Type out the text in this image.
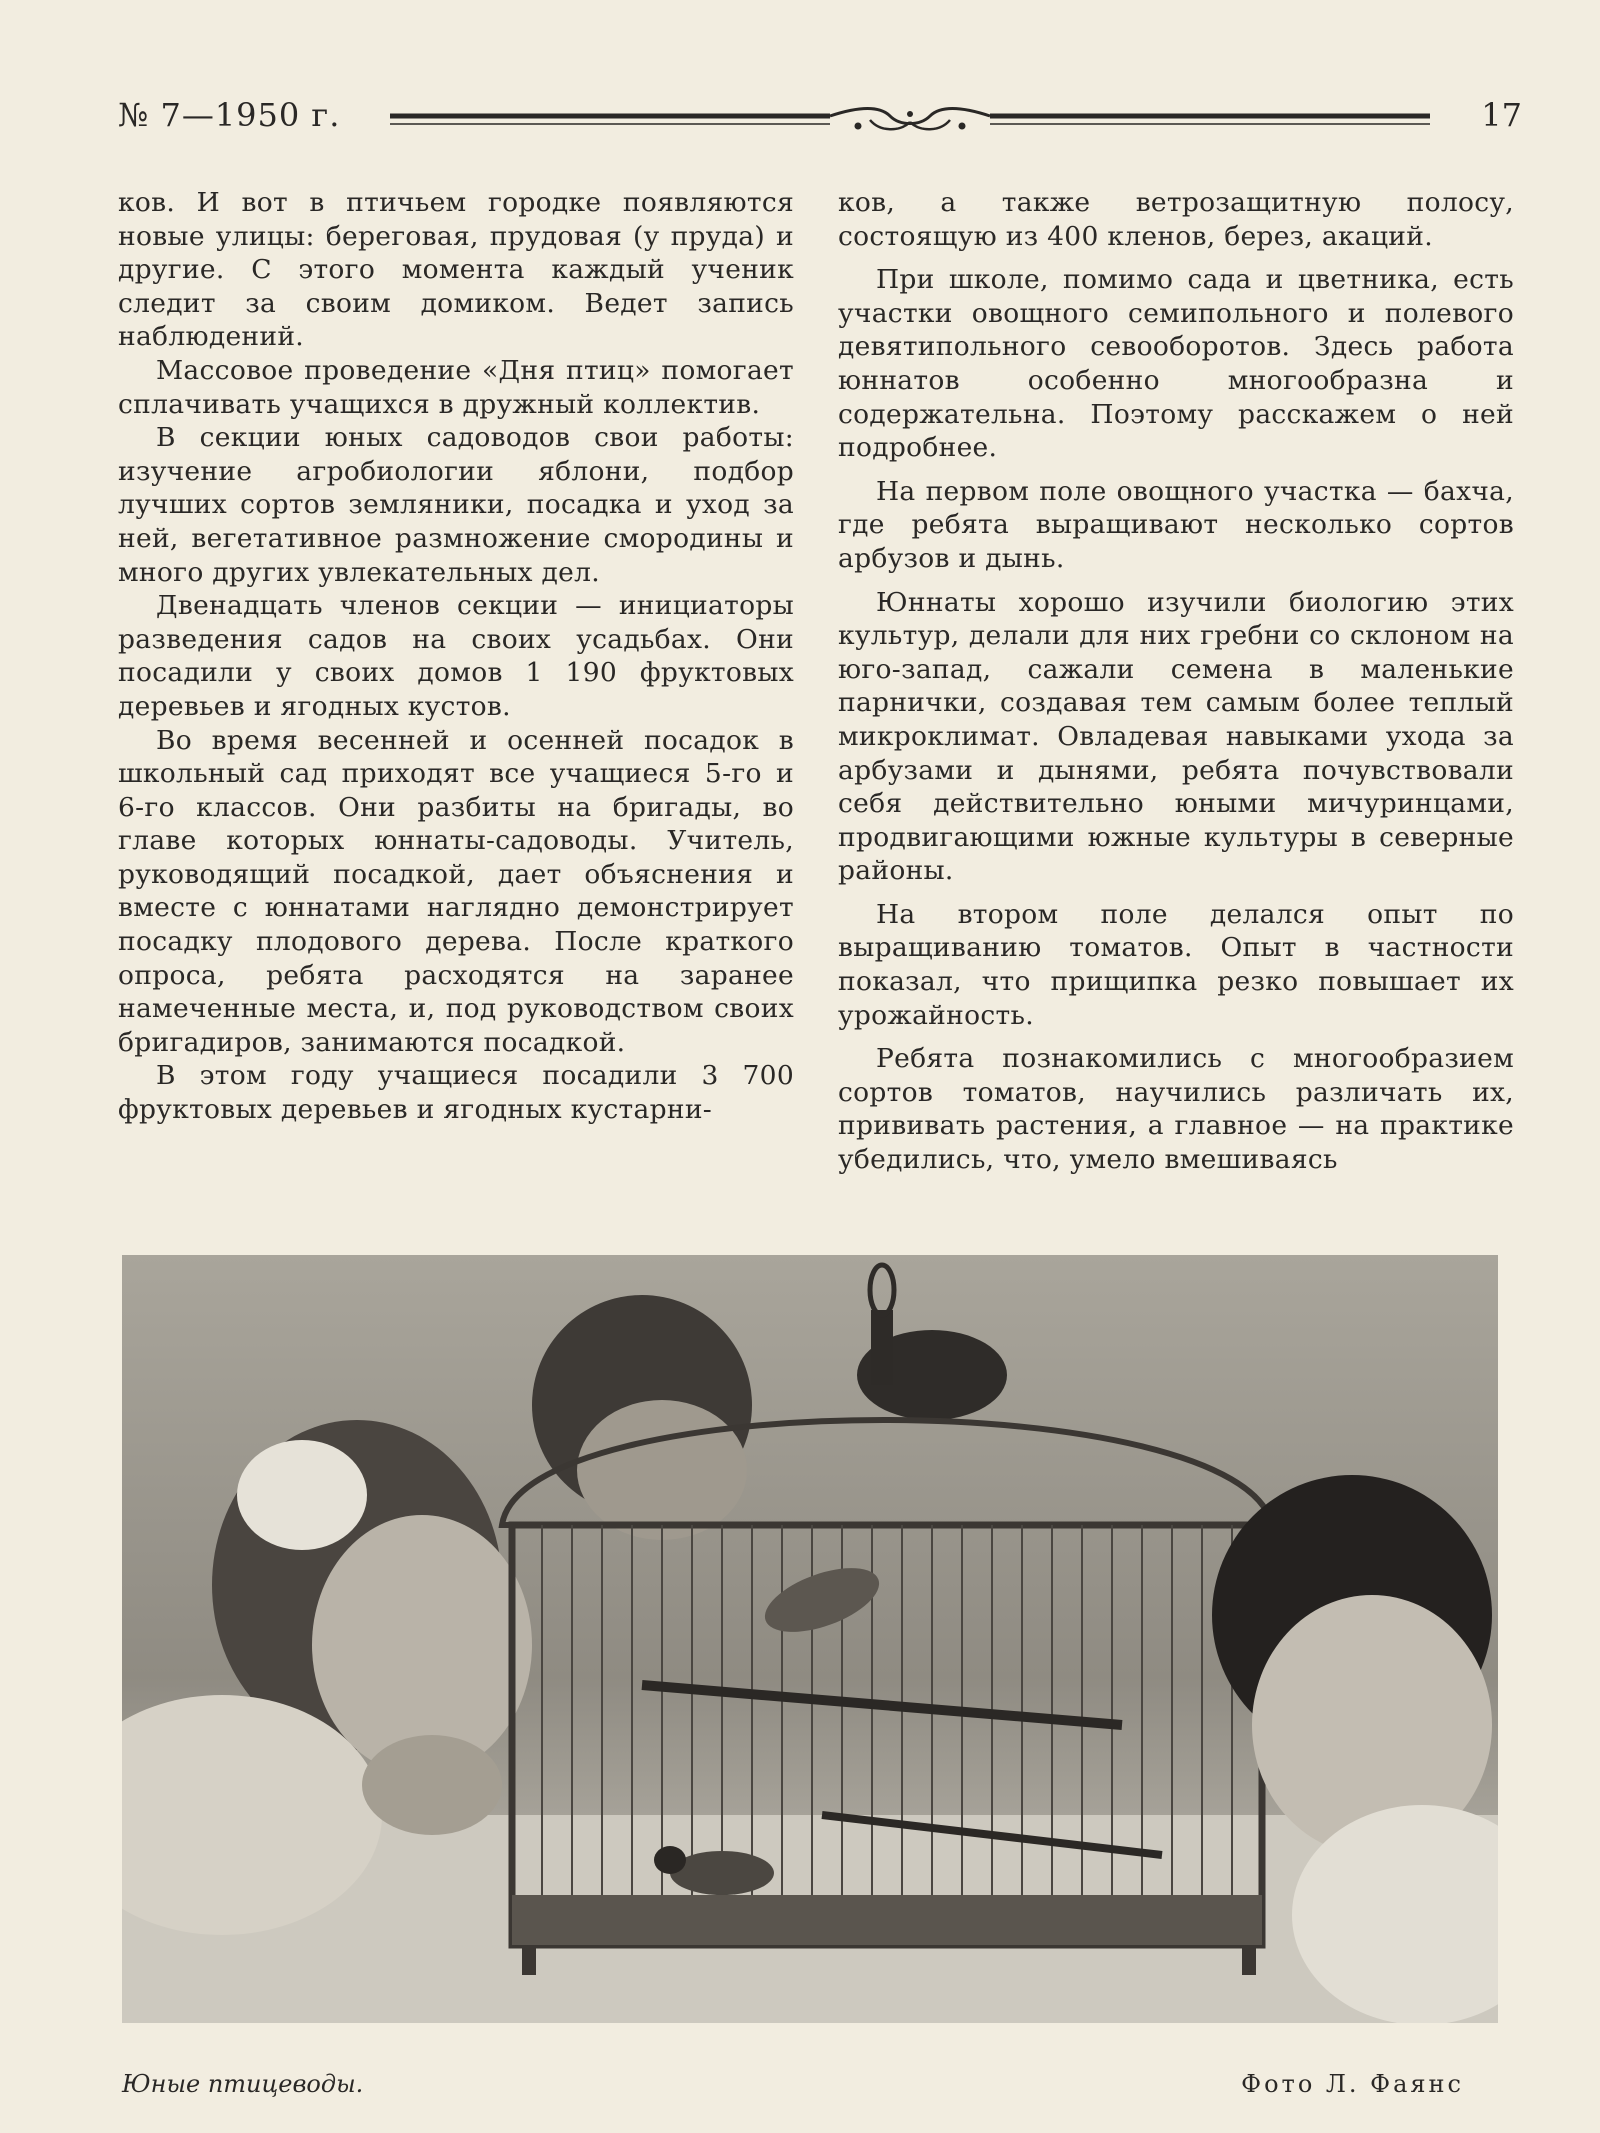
№ 7—1950 г.	17

ков. И вот в птичьем городке появляются новые улицы: береговая, прудовая (у пруда) и другие. С этого момента каждый ученик следит за своим домиком. Ведет запись наблюдений.

Массовое проведение «Дня птиц» помогает сплачивать учащихся в дружный коллектив.

В секции юных садоводов свои работы: изучение агробиологии яблони, подбор лучших сортов земляники, посадка и уход за ней, вегетативное размножение смородины и много других увлекательных дел.

Двенадцать членов секции — инициаторы разведения садов на своих усадьбах. Они посадили у своих домов 1 190 фруктовых деревьев и ягодных кустов.

Во время весенней и осенней посадок в школьный сад приходят все учащиеся 5-го и 6-го классов. Они разбиты на бригады, во главе которых юннаты-садоводы. Учитель, руководящий посадкой, дает объяснения и вместе с юннатами наглядно демонстрирует посадку плодового дерева. После краткого опроса, ребята расходятся на заранее намеченные места, и, под руководством своих бригадиров, занимаются посадкой.

В этом году учащиеся посадили 3 700 фруктовых деревьев и ягодных кустарни-

ков, а также ветрозащитную полосу, состоящую из 400 кленов, берез, акаций.

При школе, помимо сада и цветника, есть участки овощного семипольного и полевого девятипольного севооборотов. Здесь работа юннатов особенно многообразна и содержательна. Поэтому расскажем о ней подробнее.

На первом поле овощного участка — бахча, где ребята выращивают несколько сортов арбузов и дынь.

Юннаты хорошо изучили биологию этих культур, делали для них гребни со склоном на юго-запад, сажали семена в маленькие парнички, создавая тем самым более теплый микроклимат. Овладевая навыками ухода за арбузами и дынями, ребята почувствовали себя действительно юными мичуринцами, продвигающими южные культуры в северные районы.

На втором поле делался опыт по выращиванию томатов. Опыт в частности показал, что прищипка резко повышает их урожайность.

Ребята познакомились с многообразием сортов томатов, научились различать их, прививать растения, а главное — на практике убедились, что, умело вмешиваясь

Юные птицеводы.	Фото Л. Фаянс
